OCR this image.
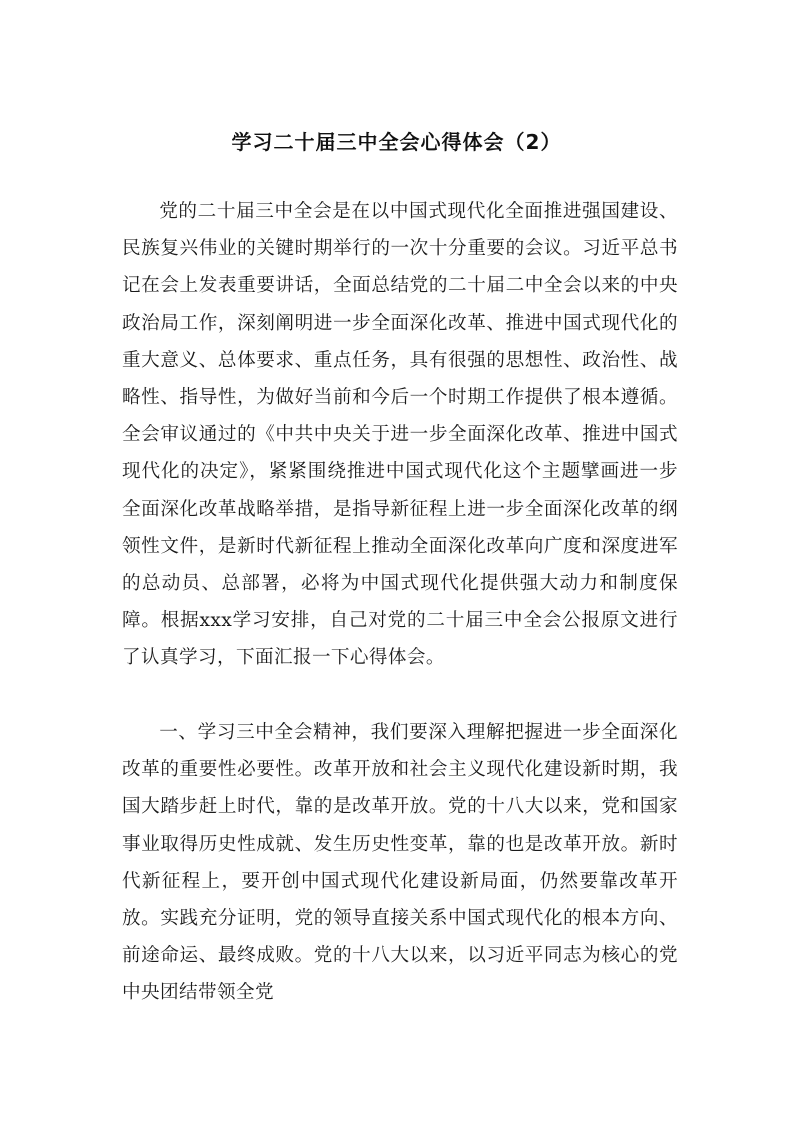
学习二十届三中全会心得体会（2）

党的二十届三中全会是在以中国式现代化全面推进强国建设、民族复兴伟业的关键时期举行的一次十分重要的会议。习近平总书记在会上发表重要讲话，全面总结党的二十届二中全会以来的中央政治局工作，深刻阐明进一步全面深化改革、推进中国式现代化的重大意义、总体要求、重点任务，具有很强的思想性、政治性、战略性、指导性，为做好当前和今后一个时期工作提供了根本遵循。全会审议通过的《中共中央关于进一步全面深化改革、推进中国式现代化的决定》，紧紧围绕推进中国式现代化这个主题擘画进一步全面深化改革战略举措，是指导新征程上进一步全面深化改革的纲领性文件，是新时代新征程上推动全面深化改革向广度和深度进军的总动员、总部署，必将为中国式现代化提供强大动力和制度保障。根据xxx学习安排，自己对党的二十届三中全会公报原文进行了认真学习，下面汇报一下心得体会。

一、学习三中全会精神，我们要深入理解把握进一步全面深化改革的重要性必要性。改革开放和社会主义现代化建设新时期，我国大踏步赶上时代，靠的是改革开放。党的十八大以来，党和国家事业取得历史性成就、发生历史性变革，靠的也是改革开放。新时代新征程上，要开创中国式现代化建设新局面，仍然要靠改革开放。实践充分证明，党的领导直接关系中国式现代化的根本方向、前途命运、最终成败。党的十八大以来，以习近平同志为核心的党中央团结带领全党
